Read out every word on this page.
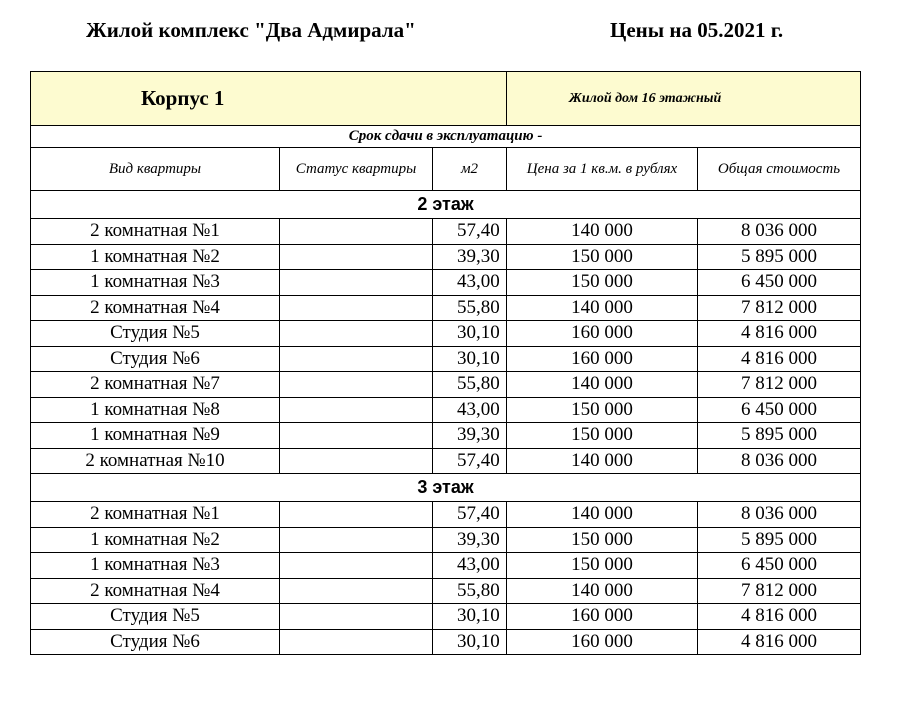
Жилой комплекс "Два Адмирала"	Цены на 05.2021 г.
Корпус 1			Жилой дом 16 этажный	
Срок сдачи в эксплуатацию -				
Вид квартиры	Статус квартиры	м2	Цена за 1 кв.м. в рублях	Общая стоимость
2 этаж				
2 комнатная №1		57,40	140 000	8 036 000
1 комнатная №2		39,30	150 000	5 895 000
1 комнатная №3		43,00	150 000	6 450 000
2 комнатная №4		55,80	140 000	7 812 000
Студия №5		30,10	160 000	4 816 000
Студия №6		30,10	160 000	4 816 000
2 комнатная №7		55,80	140 000	7 812 000
1 комнатная №8		43,00	150 000	6 450 000
1 комнатная №9		39,30	150 000	5 895 000
2 комнатная №10		57,40	140 000	8 036 000
3 этаж				
2 комнатная №1		57,40	140 000	8 036 000
1 комнатная №2		39,30	150 000	5 895 000
1 комнатная №3		43,00	150 000	6 450 000
2 комнатная №4		55,80	140 000	7 812 000
Студия №5		30,10	160 000	4 816 000
Студия №6		30,10	160 000	4 816 000
